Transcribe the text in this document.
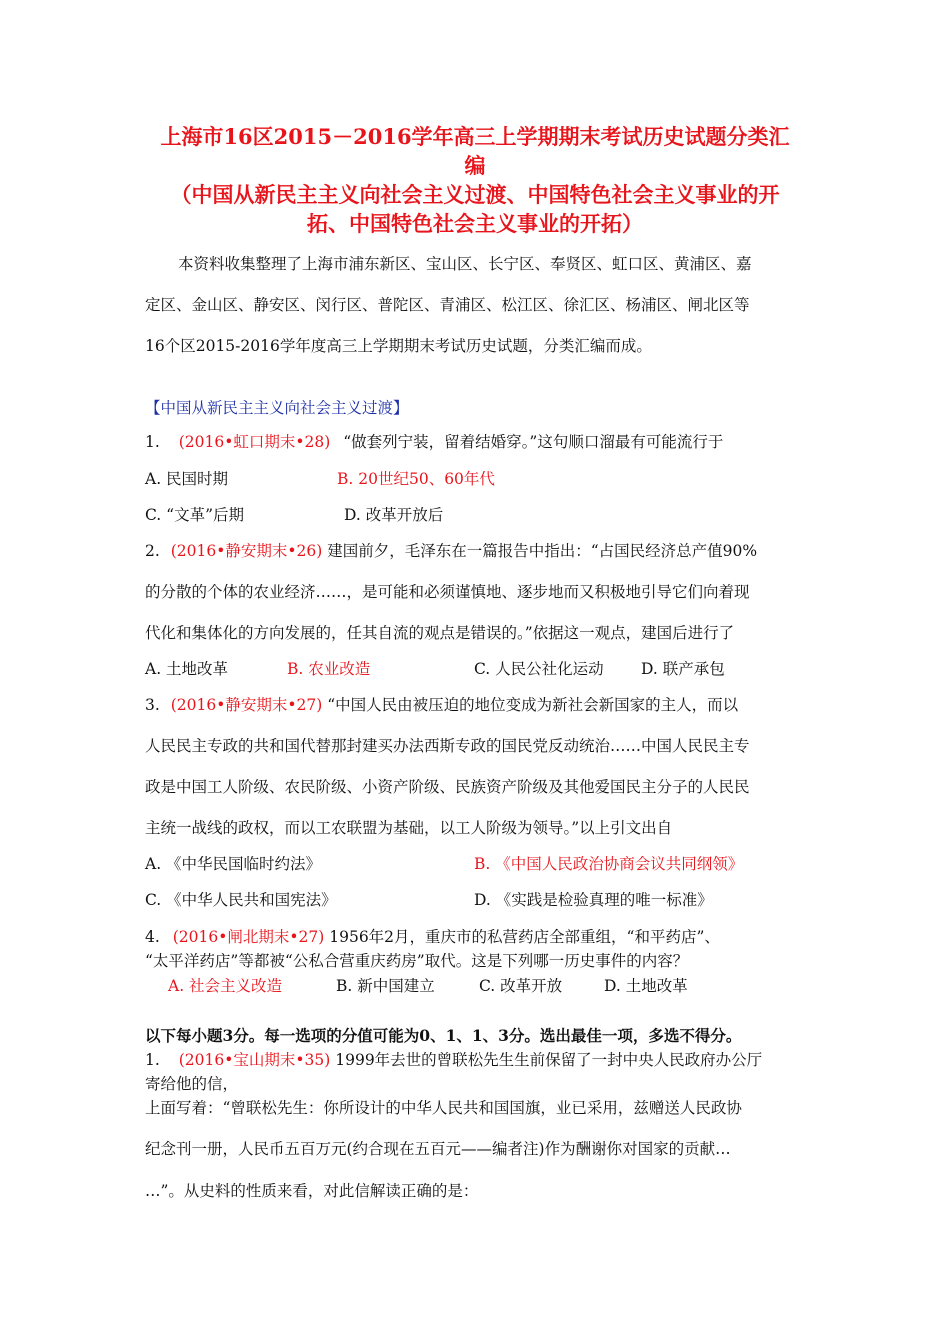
上海市16区2015－2016学年高三上学期期末考试历史试题分类汇
编
（中国从新民主主义向社会主义过渡、中国特色社会主义事业的开
拓、中国特色社会主义事业的开拓）
本资料收集整理了上海市浦东新区、宝山区、长宁区、奉贤区、虹口区、黄浦区、嘉
定区、金山区、静安区、闵行区、普陀区、青浦区、松江区、徐汇区、杨浦区、闸北区等
16个区2015-2016学年度高三上学期期末考试历史试题，分类汇编而成。
【中国从新民主主义向社会主义过渡】
1. (2016•虹口期末•28) “做套列宁装，留着结婚穿。”这句顺口溜最有可能流行于
A. 民国时期	B. 20世纪50、60年代
C. “文革”后期	D. 改革开放后
2. (2016•静安期末•26) 建国前夕，毛泽东在一篇报告中指出：“占国民经济总产值90%
的分散的个体的农业经济……，是可能和必须谨慎地、逐步地而又积极地引导它们向着现
代化和集体化的方向发展的，任其自流的观点是错误的。”依据这一观点，建国后进行了
A. 土地改革	B. 农业改造	C. 人民公社化运动 D. 联产承包
3. (2016•静安期末•27) “中国人民由被压迫的地位变成为新社会新国家的主人，而以
人民民主专政的共和国代替那封建买办法西斯专政的国民党反动统治……中国人民民主专
政是中国工人阶级、农民阶级、小资产阶级、民族资产阶级及其他爱国民主分子的人民民
主统一战线的政权，而以工农联盟为基础，以工人阶级为领导。”以上引文出自
A. 《中华民国临时约法》	B. 《中国人民政治协商会议共同纲领》
C. 《中华人民共和国宪法》	D. 《实践是检验真理的唯一标准》
4. (2016•闸北期末•27) 1956年2月，重庆市的私营药店全部重组，“和平药店”、
“太平洋药店”等都被“公私合营重庆药房”取代。这是下列哪一历史事件的内容？
A. 社会主义改造	B. 新中国建立	C. 改革开放	D. 土地改革
以下每小题3分。每一选项的分值可能为0、1、1、3分。选出最佳一项，多选不得分。
1. (2016•宝山期末•35) 1999年去世的曾联松先生生前保留了一封中央人民政府办公厅
寄给他的信，
上面写着：“曾联松先生：你所设计的中华人民共和国国旗，业已采用，兹赠送人民政协
纪念刊一册，人民币五百万元(约合现在五百元——编者注)作为酬谢你对国家的贡献…
…”。从史料的性质来看，对此信解读正确的是：
